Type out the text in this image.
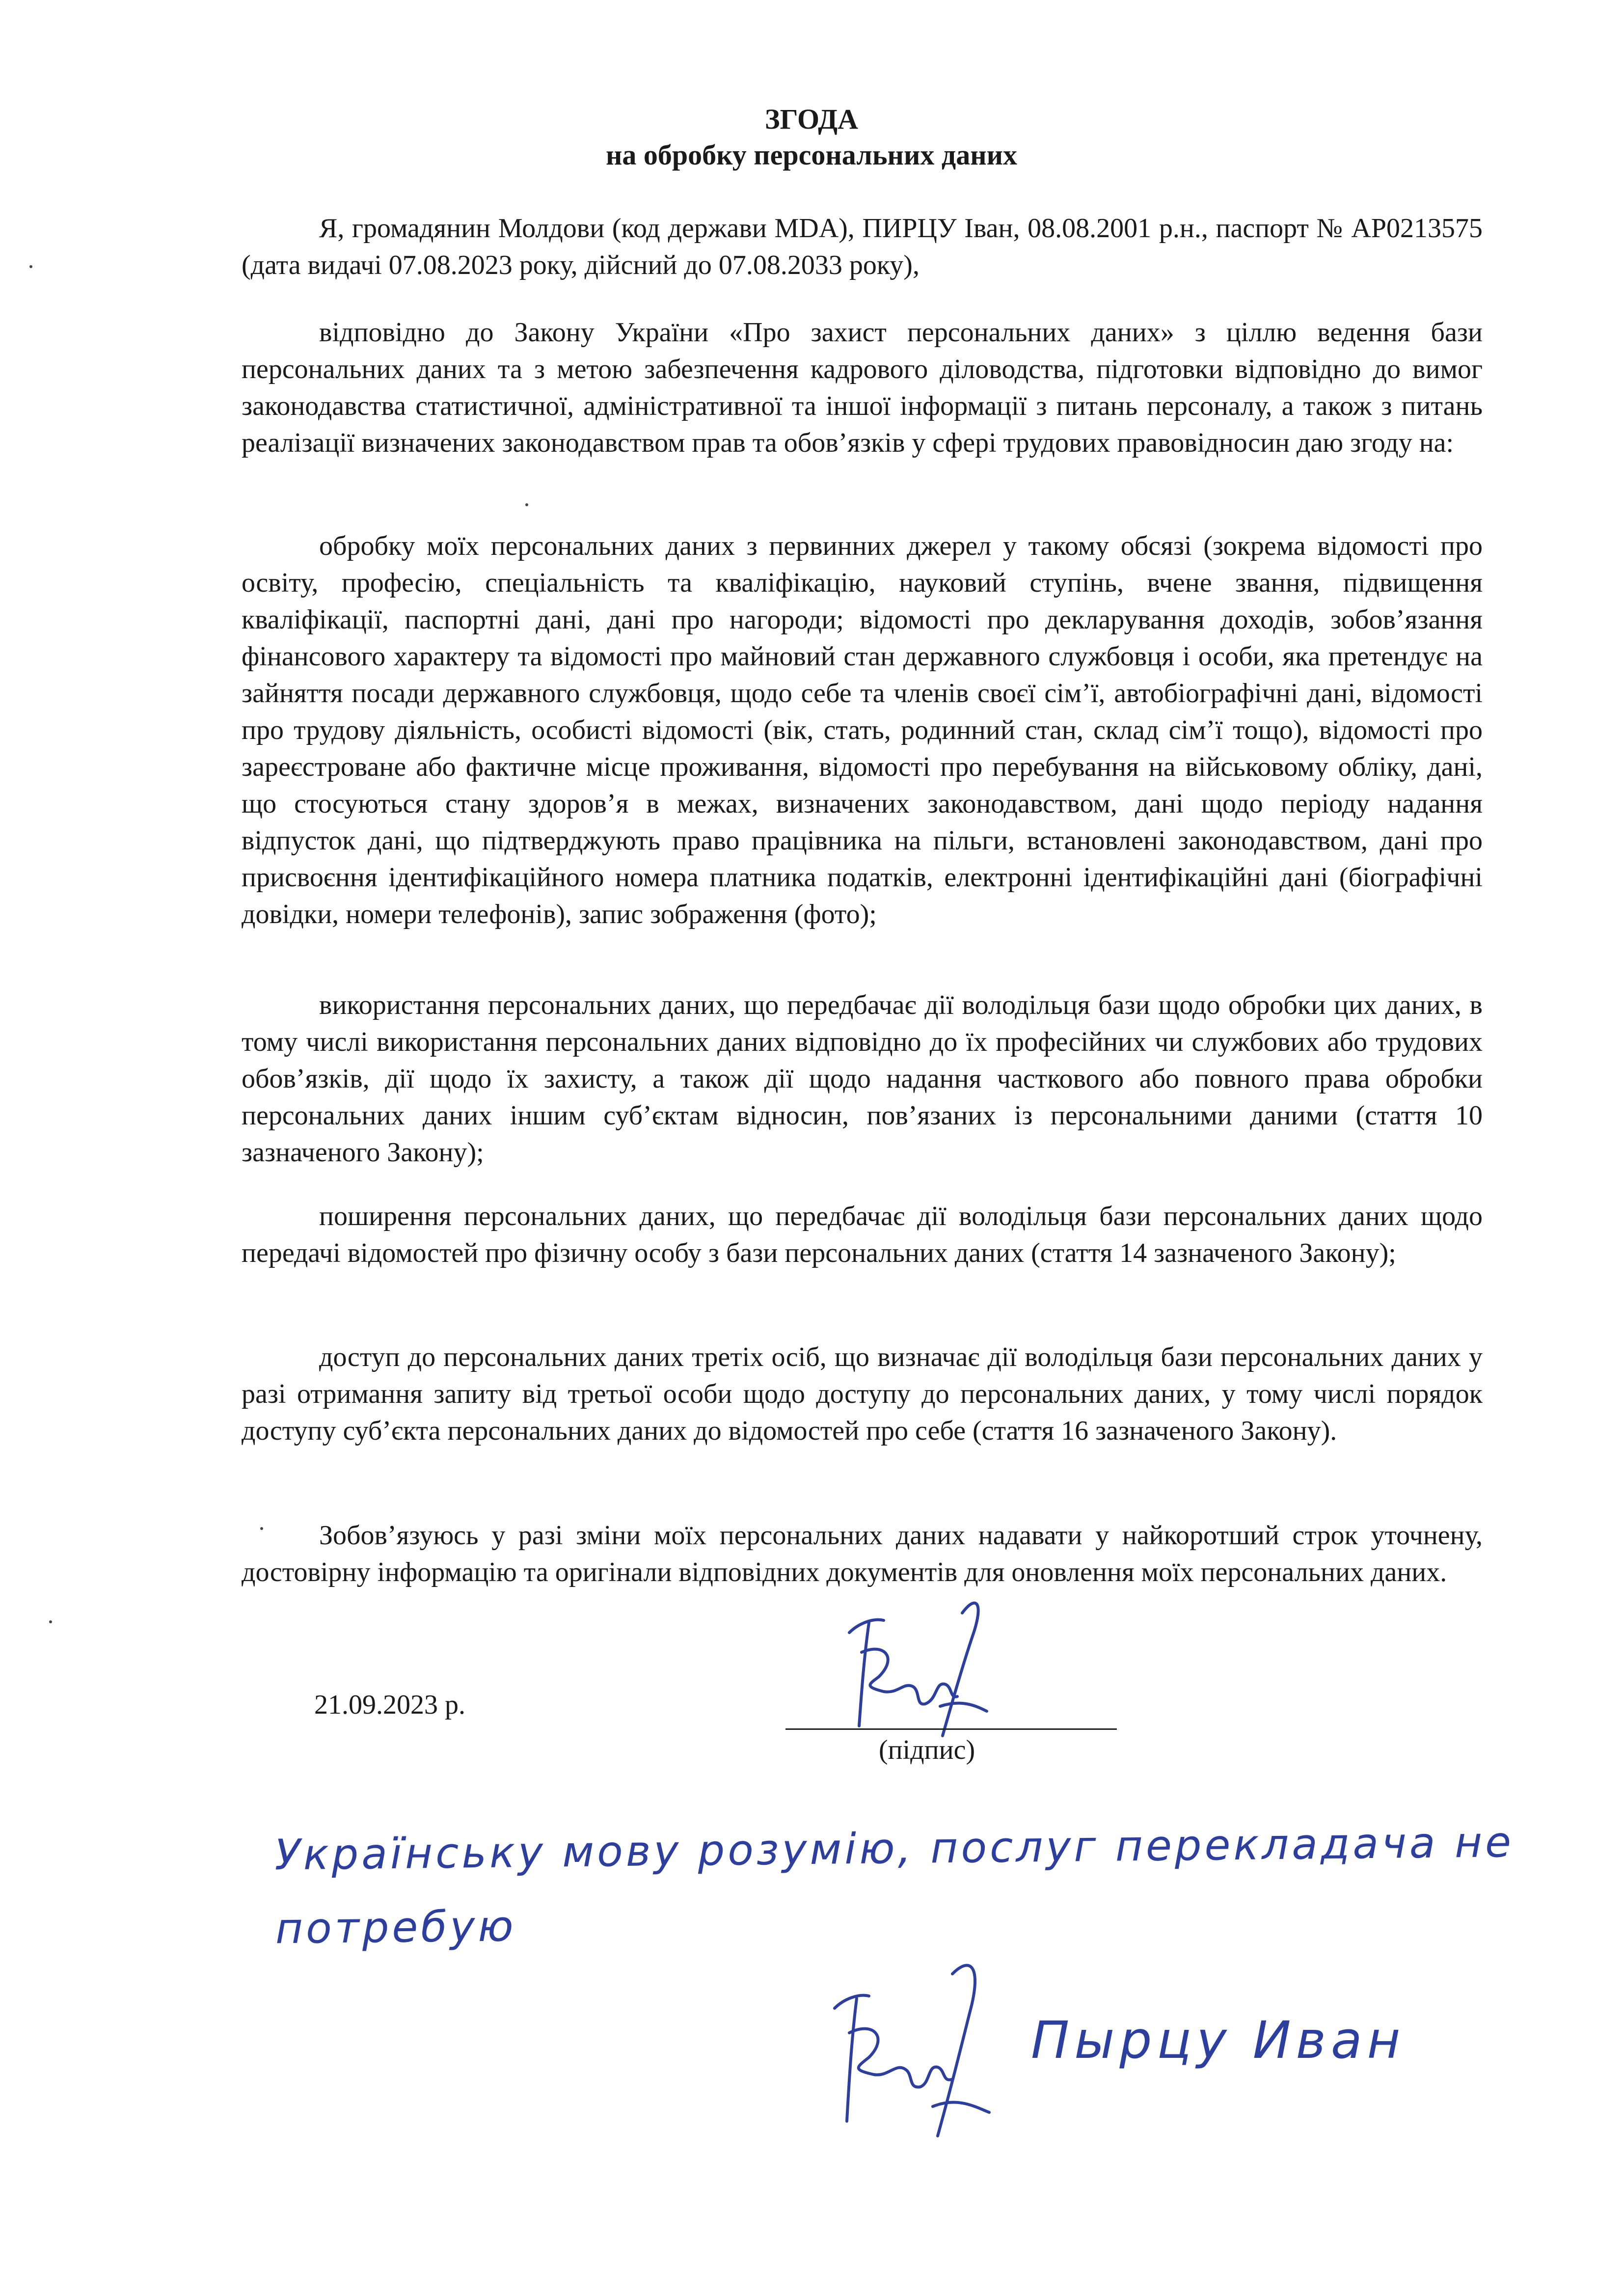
ЗГОДА
на обробку персональних даних

Я, громадянин Молдови (код держави MDA), ПИРЦУ Іван, 08.08.2001 р.н., паспорт № AP0213575 (дата видачі 07.08.2023 року, дійсний до 07.08.2033 року),

відповідно до Закону України «Про захист персональних даних» з ціллю ведення бази персональних даних та з метою забезпечення кадрового діловодства, підготовки відповідно до вимог законодавства статистичної, адміністративної та іншої інформації з питань персоналу, а також з питань реалізації визначених законодавством прав та обов’язків у сфері трудових правовідносин даю згоду на:

обробку моїх персональних даних з первинних джерел у такому обсязі (зокрема відомості про освіту, професію, спеціальність та кваліфікацію, науковий ступінь, вчене звання, підвищення кваліфікації, паспортні дані, дані про нагороди; відомості про декларування доходів, зобов’язання фінансового характеру та відомості про майновий стан державного службовця і особи, яка претендує на зайняття посади державного службовця, щодо себе та членів своєї сім’ї, автобіографічні дані, відомості про трудову діяльність, особисті відомості (вік, стать, родинний стан, склад сім’ї тощо), відомості про зареєстроване або фактичне місце проживання, відомості про перебування на військовому обліку, дані, що стосуються стану здоров’я в межах, визначених законодавством, дані щодо періоду надання відпусток дані, що підтверджують право працівника на пільги, встановлені законодавством, дані про присвоєння ідентифікаційного номера платника податків, електронні ідентифікаційні дані (біографічні довідки, номери телефонів), запис зображення (фото);

використання персональних даних, що передбачає дії володільця бази щодо обробки цих даних, в тому числі використання персональних даних відповідно до їх професійних чи службових або трудових обов’язків, дії щодо їх захисту, а також дії щодо надання часткового або повного права обробки персональних даних іншим суб’єктам відносин, пов’язаних із персональними даними (стаття 10 зазначеного Закону);

поширення персональних даних, що передбачає дії володільця бази персональних даних щодо передачі відомостей про фізичну особу з бази персональних даних (стаття 14 зазначеного Закону);

доступ до персональних даних третіх осіб, що визначає дії володільця бази персональних даних у разі отримання запиту від третьої особи щодо доступу до персональних даних, у тому числі порядок доступу суб’єкта персональних даних до відомостей про себе (стаття 16 зазначеного Закону).

Зобов’язуюсь у разі зміни моїх персональних даних надавати у найкоротший строк уточнену, достовірну інформацію та оригінали відповідних документів для оновлення моїх персональних даних.

21.09.2023 р.

(підпис)

Українську мову розумію, послуг перекладача не потребую

Пырцу Иван
